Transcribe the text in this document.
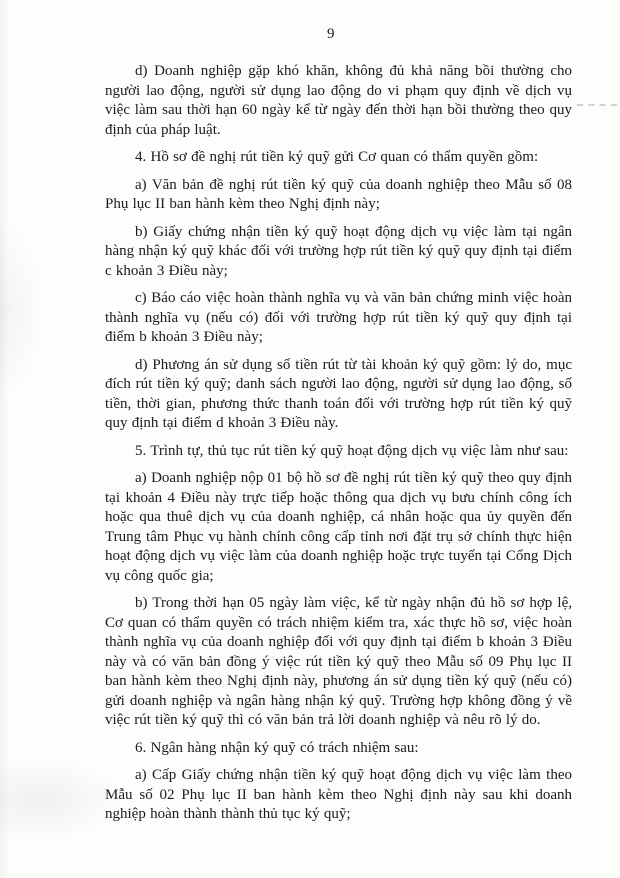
9

d) Doanh nghiệp gặp khó khăn, không đủ khả năng bồi thường cho người lao động, người sử dụng lao động do vi phạm quy định về dịch vụ việc làm sau thời hạn 60 ngày kể từ ngày đến thời hạn bồi thường theo quy định của pháp luật.

4. Hồ sơ đề nghị rút tiền ký quỹ gửi Cơ quan có thẩm quyền gồm:

a) Văn bản đề nghị rút tiền ký quỹ của doanh nghiệp theo Mẫu số 08 Phụ lục II ban hành kèm theo Nghị định này;

b) Giấy chứng nhận tiền ký quỹ hoạt động dịch vụ việc làm tại ngân hàng nhận ký quỹ khác đối với trường hợp rút tiền ký quỹ quy định tại điểm c khoản 3 Điều này;

c) Báo cáo việc hoàn thành nghĩa vụ và văn bản chứng minh việc hoàn thành nghĩa vụ (nếu có) đối với trường hợp rút tiền ký quỹ quy định tại điểm b khoản 3 Điều này;

d) Phương án sử dụng số tiền rút từ tài khoản ký quỹ gồm: lý do, mục đích rút tiền ký quỹ; danh sách người lao động, người sử dụng lao động, số tiền, thời gian, phương thức thanh toán đối với trường hợp rút tiền ký quỹ quy định tại điểm d khoản 3 Điều này.

5. Trình tự, thủ tục rút tiền ký quỹ hoạt động dịch vụ việc làm như sau:

a) Doanh nghiệp nộp 01 bộ hồ sơ đề nghị rút tiền ký quỹ theo quy định tại khoản 4 Điều này trực tiếp hoặc thông qua dịch vụ bưu chính công ích hoặc qua thuê dịch vụ của doanh nghiệp, cá nhân hoặc qua ủy quyền đến Trung tâm Phục vụ hành chính công cấp tỉnh nơi đặt trụ sở chính thực hiện hoạt động dịch vụ việc làm của doanh nghiệp hoặc trực tuyến tại Cổng Dịch vụ công quốc gia;

b) Trong thời hạn 05 ngày làm việc, kể từ ngày nhận đủ hồ sơ hợp lệ, Cơ quan có thẩm quyền có trách nhiệm kiểm tra, xác thực hồ sơ, việc hoàn thành nghĩa vụ của doanh nghiệp đối với quy định tại điểm b khoản 3 Điều này và có văn bản đồng ý việc rút tiền ký quỹ theo Mẫu số 09 Phụ lục II ban hành kèm theo Nghị định này, phương án sử dụng tiền ký quỹ (nếu có) gửi doanh nghiệp và ngân hàng nhận ký quỹ. Trường hợp không đồng ý về việc rút tiền ký quỹ thì có văn bản trả lời doanh nghiệp và nêu rõ lý do.

6. Ngân hàng nhận ký quỹ có trách nhiệm sau:

a) Cấp Giấy chứng nhận tiền ký quỹ hoạt động dịch vụ việc làm theo Mẫu số 02 Phụ lục II ban hành kèm theo Nghị định này sau khi doanh nghiệp hoàn thành thành thủ tục ký quỹ;
